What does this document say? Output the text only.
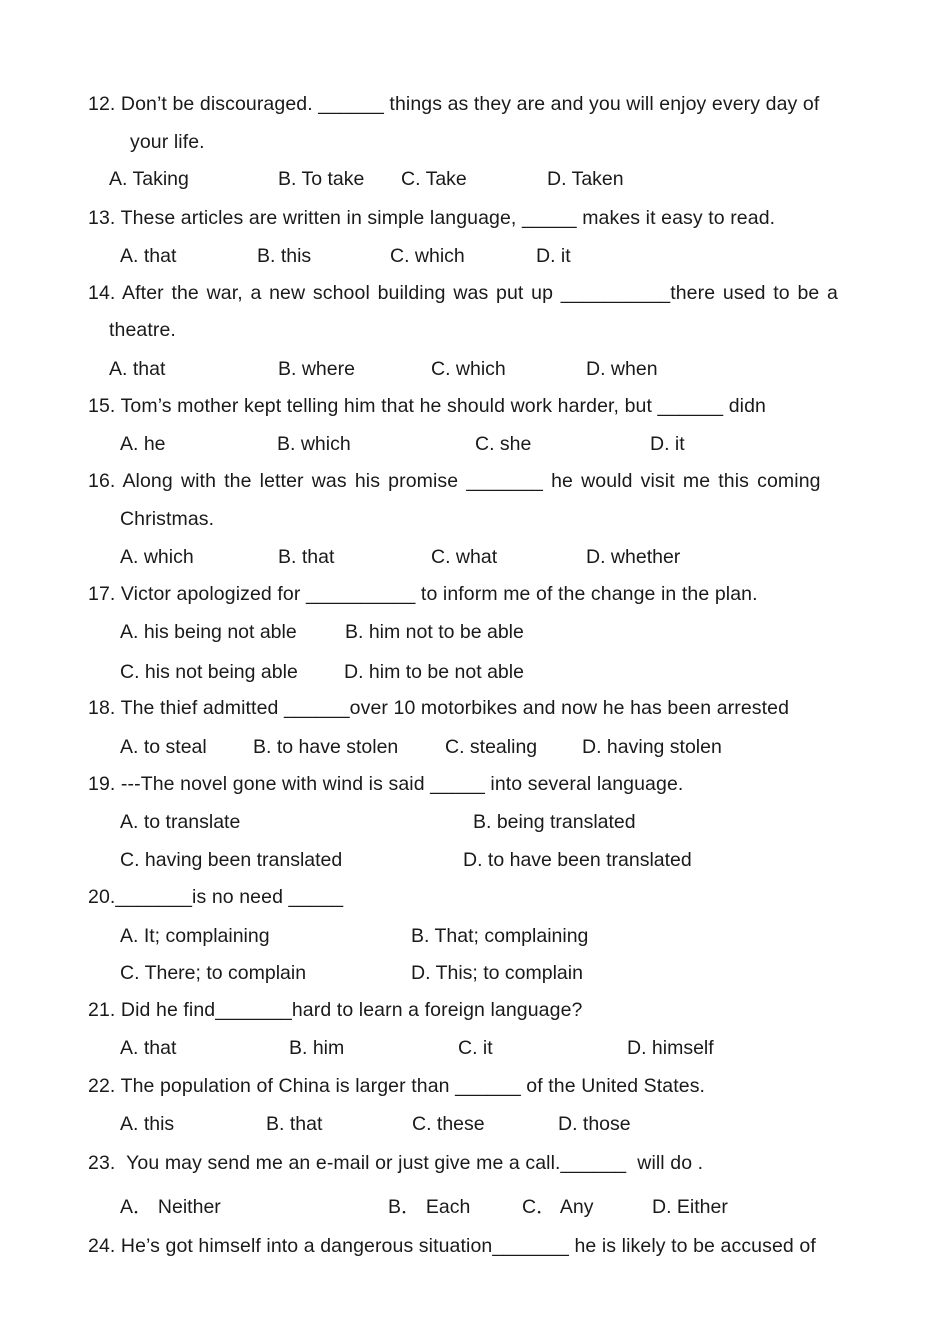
12. Don’t be discouraged. ______ things as they are and you will enjoy every day of
your life.
A. Taking	B. To take C. Take	D. Taken
13. These articles are written in simple language, _____ makes it easy to read.
A. that	B. this	C. which	D. it
14. After the war, a new school building was put up __________there used to be a
theatre.
A. that	B. where	C. which	D. when
15. Tom’s mother kept telling him that he should work harder, but ______ didn
A. he	B. which	C. she	D. it
16. Along with the letter was his promise _______ he would visit me this coming
Christmas.
A. which	B. that	C. what	D. whether
17. Victor apologized for __________ to inform me of the change in the plan.
A. his being not able B. him not to be able
C. his not being able D. him to be not able
18. The thief admitted ______over 10 motorbikes and now he has been arrested
A. to steal B. to have stolen C. stealing D. having stolen
19. ---The novel gone with wind is said _____ into several language.
A. to translate	B. being translated
C. having been translated	D. to have been translated
20._______is no need _____
A. It; complaining	B. That; complaining
C. There; to complain	D. This; to complain
21. Did he find_______hard to learn a foreign language?
A. that	B. him	C. it	D. himself
22. The population of China is larger than ______ of the United States.
A. this	B. that	C. these	D. those
23.  You may send me an e-mail or just give me a call.______  will do .
A． Neither	B． Each	C． Any	D. Either
24. He’s got himself into a dangerous situation_______ he is likely to be accused of
